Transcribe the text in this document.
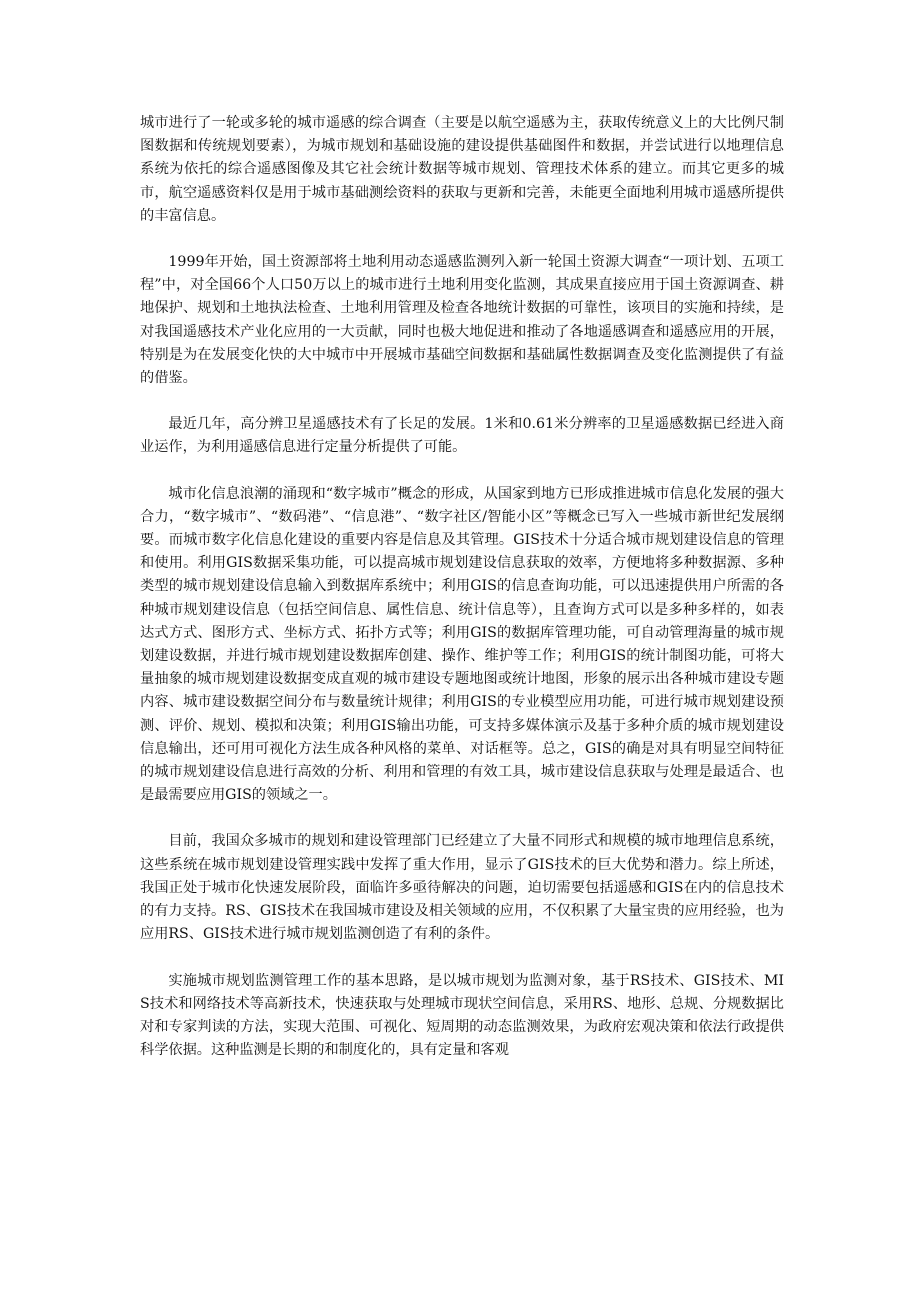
城市进行了一轮或多轮的城市遥感的综合调查（主要是以航空遥感为主，获取传统意义上的大比例尺制图数据和传统规划要素），为城市规划和基础设施的建设提供基础图件和数据，并尝试进行以地理信息系统为依托的综合遥感图像及其它社会统计数据等城市规划、管理技术体系的建立。而其它更多的城市，航空遥感资料仅是用于城市基础测绘资料的获取与更新和完善，未能更全面地利用城市遥感所提供的丰富信息。

1999年开始，国土资源部将土地利用动态遥感监测列入新一轮国土资源大调查“一项计划、五项工程”中，对全国66个人口50万以上的城市进行土地利用变化监测，其成果直接应用于国土资源调查、耕地保护、规划和土地执法检查、土地利用管理及检查各地统计数据的可靠性，该项目的实施和持续，是对我国遥感技术产业化应用的一大贡献，同时也极大地促进和推动了各地遥感调查和遥感应用的开展，特别是为在发展变化快的大中城市中开展城市基础空间数据和基础属性数据调查及变化监测提供了有益的借鉴。

最近几年，高分辨卫星遥感技术有了长足的发展。1米和0.61米分辨率的卫星遥感数据已经进入商业运作，为利用遥感信息进行定量分析提供了可能。

城市化信息浪潮的涌现和“数字城市”概念的形成，从国家到地方已形成推进城市信息化发展的强大合力，“数字城市”、“数码港”、“信息港”、“数字社区/智能小区”等概念已写入一些城市新世纪发展纲要。而城市数字化信息化建设的重要内容是信息及其管理。GIS技术十分适合城市规划建设信息的管理和使用。利用GIS数据采集功能，可以提高城市规划建设信息获取的效率，方便地将多种数据源、多种类型的城市规划建设信息输入到数据库系统中；利用GIS的信息查询功能，可以迅速提供用户所需的各种城市规划建设信息（包括空间信息、属性信息、统计信息等），且查询方式可以是多种多样的，如表达式方式、图形方式、坐标方式、拓扑方式等；利用GIS的数据库管理功能，可自动管理海量的城市规划建设数据，并进行城市规划建设数据库创建、操作、维护等工作；利用GIS的统计制图功能，可将大量抽象的城市规划建设数据变成直观的城市建设专题地图或统计地图，形象的展示出各种城市建设专题内容、城市建设数据空间分布与数量统计规律；利用GIS的专业模型应用功能，可进行城市规划建设预测、评价、规划、模拟和决策；利用GIS输出功能，可支持多媒体演示及基于多种介质的城市规划建设信息输出，还可用可视化方法生成各种风格的菜单、对话框等。总之，GIS的确是对具有明显空间特征的城市规划建设信息进行高效的分析、利用和管理的有效工具，城市建设信息获取与处理是最适合、也是最需要应用GIS的领域之一。

目前，我国众多城市的规划和建设管理部门已经建立了大量不同形式和规模的城市地理信息系统，这些系统在城市规划建设管理实践中发挥了重大作用，显示了GIS技术的巨大优势和潜力。综上所述，我国正处于城市化快速发展阶段，面临许多亟待解决的问题，迫切需要包括遥感和GIS在内的信息技术的有力支持。RS、GIS技术在我国城市建设及相关领域的应用，不仅积累了大量宝贵的应用经验，也为应用RS、GIS技术进行城市规划监测创造了有利的条件。

实施城市规划监测管理工作的基本思路，是以城市规划为监测对象，基于RS技术、GIS技术、MIS技术和网络技术等高新技术，快速获取与处理城市现状空间信息，采用RS、地形、总规、分规数据比对和专家判读的方法，实现大范围、可视化、短周期的动态监测效果，为政府宏观决策和依法行政提供科学依据。这种监测是长期的和制度化的，具有定量和客观
